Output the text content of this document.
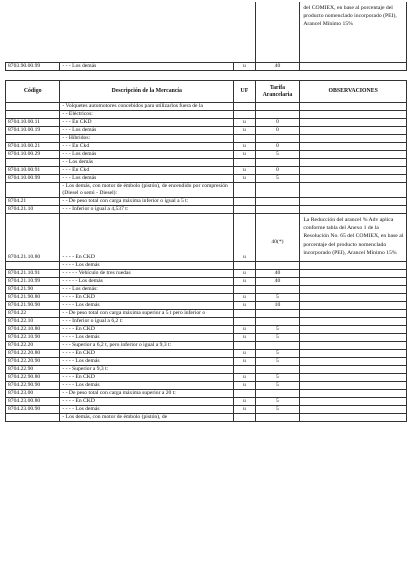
				del COMIEX, en base al porcentaje del producto nomenclado incorporado (PEI), Arancel Mínimo 15%
8703.90.00.99	- - - Los demás	u	40	
Código	Descripción de la Mercancía	UF	Tarifa Arancelaria	OBSERVACIONES
	- Volquetes automotores concebidos para utilizarlos fuera de la			
	- - Eléctricos:			
8704.10.00.11	- - - En CKD	u	0	
8704.10.00.19	- - - Los demás	u	0	
	- - Híbridos:			
8704.10.00.21	- - - En Ckd	u	0	
8704.10.00.29	- - - Los demás	u	5	
	- - Los demás			
8704.10.00.91	- - - En Ckd	u	0	
8704.10.00.99	- - - Los demás	u	5	
	- Los demás, con motor de émbolo (pistón), de encendido por compresión (Diesel o semi - Diesel):			
8704.21	- - De peso total con carga máxima inferior o igual a 5 t:			
8704.21.10	- - - Inferior o igual a 4,537 t:			
8704.21.10.80	- - - - En CKD	u	40(*)	La Reducción del arancel % Adv aplica conforme tabla del Anexo 1 de la Resolución No. 65 del COMIEX, en base al porcentaje del producto nomenclado incorporado (PEI), Arancel Mínimo 15%
	- - - - Los demás			
8704.21.10.91	- - - - - Vehículo de tres ruedas	u	40	
8704.21.10.99	- - - - - Los demás	u	40	
8704.21.90	- - - Los demás:			
8704.21.90.80	- - - - En CKD	u	5	
8704.21.90.90	- - - - Los demás	u	10	
8704.22	- - De peso total con carga máxima superior a 5 t pero inferior o			
8704.22.10	- - - Inferior o igual a 6,2 t:			
8704.22.10.80	- - - - En CKD	u	5	
8704.22.10.90	- - - - Los demás	u	5	
8704.22.20	- - - Superior a 6,2 t, pero inferior o igual a 9,3 t:			
8704.22.20.80	- - - - En CKD	u	5	
8704.22.20.90	- - - - Los demás	u	5	
8704.22.90	- - - Superior a 9,3 t:			
8704.22.90.80	- - - - En CKD	u	5	
8704.22.90.90	- - - - Los demás	u	5	
8704.23.00	- - De peso total con carga máxima superior a 20 t:			
8704.23.00.80	- - - - En CKD	u	5	
8704.23.00.90	- - - - Los demás	u	5	
	- Los demás, con motor de émbolo (pistón), de			
